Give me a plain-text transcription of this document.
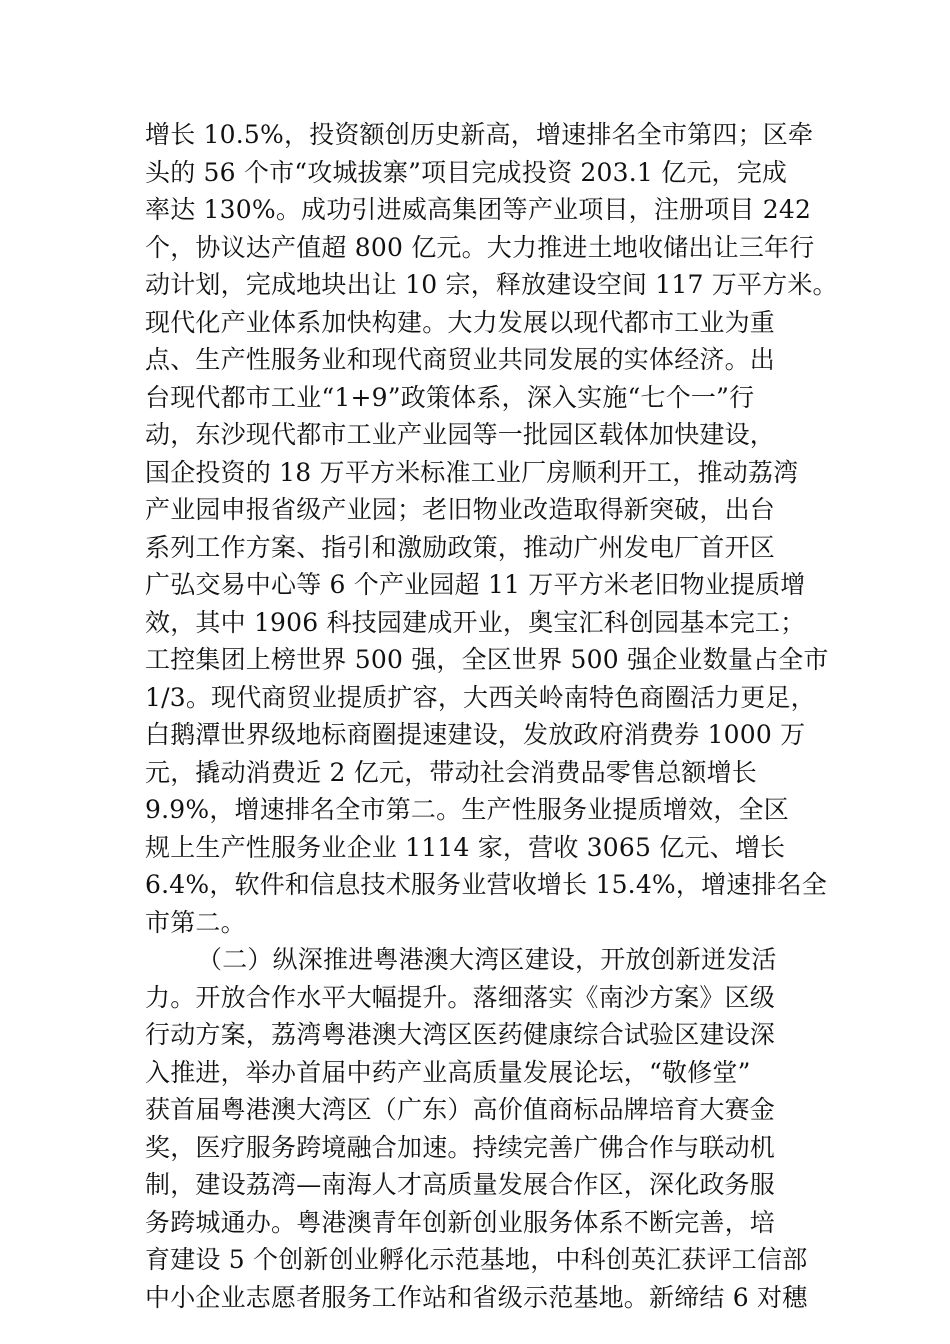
增长 10.5%，投资额创历史新高，增速排名全市第四；区牵
头的 56 个市“攻城拔寨”项目完成投资 203.1 亿元，完成
率达 130%。成功引进威高集团等产业项目，注册项目 242
个，协议达产值超 800 亿元。大力推进土地收储出让三年行
动计划，完成地块出让 10 宗，释放建设空间 117 万平方米。
现代化产业体系加快构建。大力发展以现代都市工业为重
点、生产性服务业和现代商贸业共同发展的实体经济。出
台现代都市工业“1+9”政策体系，深入实施“七个一”行
动，东沙现代都市工业产业园等一批园区载体加快建设，
国企投资的 18 万平方米标准工业厂房顺利开工，推动荔湾
产业园申报省级产业园；老旧物业改造取得新突破，出台
系列工作方案、指引和激励政策，推动广州发电厂首开区
广弘交易中心等 6 个产业园超 11 万平方米老旧物业提质增
效，其中 1906 科技园建成开业，奥宝汇科创园基本完工；
工控集团上榜世界 500 强，全区世界 500 强企业数量占全市
1/3。现代商贸业提质扩容，大西关岭南特色商圈活力更足，
白鹅潭世界级地标商圈提速建设，发放政府消费券 1000 万
元，撬动消费近 2 亿元，带动社会消费品零售总额增长
9.9%，增速排名全市第二。生产性服务业提质增效，全区
规上生产性服务业企业 1114 家，营收 3065 亿元、增长
6.4%，软件和信息技术服务业营收增长 15.4%，增速排名全
市第二。
（二）纵深推进粤港澳大湾区建设，开放创新迸发活
力。开放合作水平大幅提升。落细落实《南沙方案》区级
行动方案，荔湾粤港澳大湾区医药健康综合试验区建设深
入推进，举办首届中药产业高质量发展论坛，“敬修堂”
获首届粤港澳大湾区（广东）高价值商标品牌培育大赛金
奖，医疗服务跨境融合加速。持续完善广佛合作与联动机
制，建设荔湾—南海人才高质量发展合作区，深化政务服
务跨城通办。粤港澳青年创新创业服务体系不断完善，培
育建设 5 个创新创业孵化示范基地，中科创英汇获评工信部
中小企业志愿者服务工作站和省级示范基地。新缔结 6 对穗
